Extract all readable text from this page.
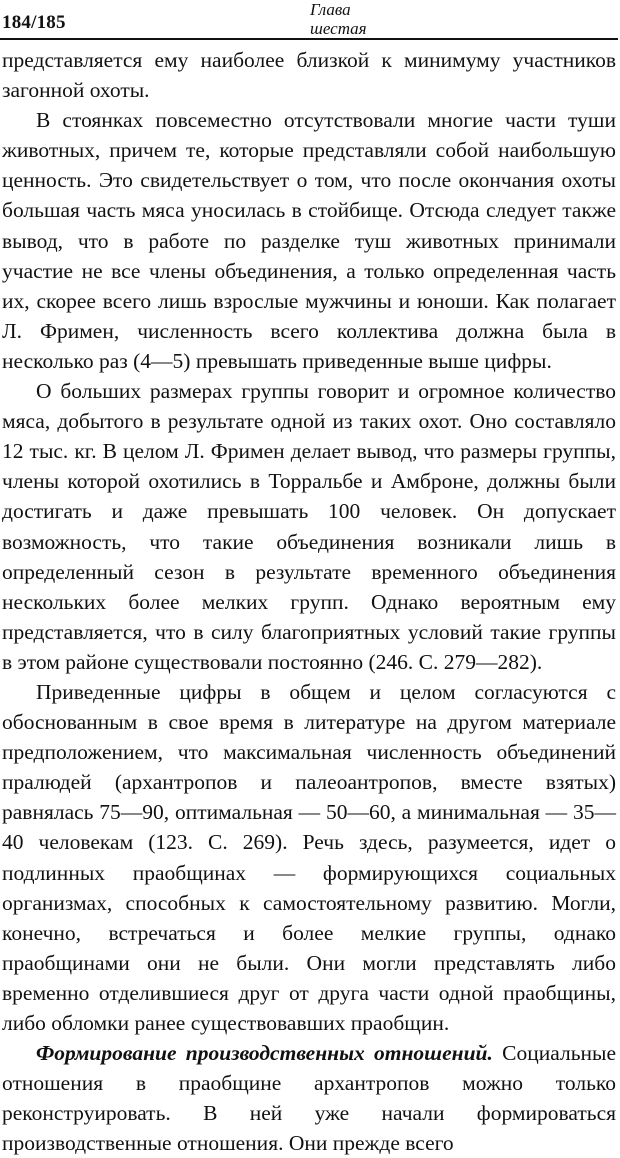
184/185
Глава
шестая

представляется ему наиболее близкой к минимуму участников загонной охоты.

В стоянках повсеместно отсутствовали многие части туши животных, причем те, которые представляли собой наибольшую ценность. Это свидетельствует о том, что после окончания охоты большая часть мяса уносилась в стойбище. Отсюда следует также вывод, что в работе по разделке туш животных принимали участие не все члены объединения, а только определенная часть их, скорее всего лишь взрослые мужчины и юноши. Как полагает Л. Фримен, численность всего коллектива должна была в несколько раз (4—5) превышать приведенные выше цифры.

О больших размерах группы говорит и огромное количество мяса, добытого в результате одной из таких охот. Оно составляло 12 тыс. кг. В целом Л. Фримен делает вывод, что размеры группы, члены которой охотились в Торральбе и Амброне, должны были достигать и даже превышать 100 человек. Он допускает возможность, что такие объединения возникали лишь в определенный сезон в результате временного объединения нескольких более мелких групп. Однако вероятным ему представляется, что в силу благоприятных условий такие группы в этом районе существовали постоянно (246. С. 279—282).

Приведенные цифры в общем и целом согласуются с обоснованным в свое время в литературе на другом материале предположением, что максимальная численность объединений пралюдей (архантропов и палеоантропов, вместе взятых) равнялась 75—90, оптимальная — 50—60, а минимальная — 35—40 человекам (123. С. 269). Речь здесь, разумеется, идет о подлинных праобщинах — формирующихся социальных организмах, способных к самостоятельному развитию. Могли, конечно, встречаться и более мелкие группы, однако праобщинами они не были. Они могли представлять либо временно отделившиеся друг от друга части одной праобщины, либо обломки ранее существовавших праобщин.

Формирование производственных отношений. Социальные отношения в праобщине архантропов можно только реконструировать. В ней уже начали формироваться производственные отношения. Они прежде всего
